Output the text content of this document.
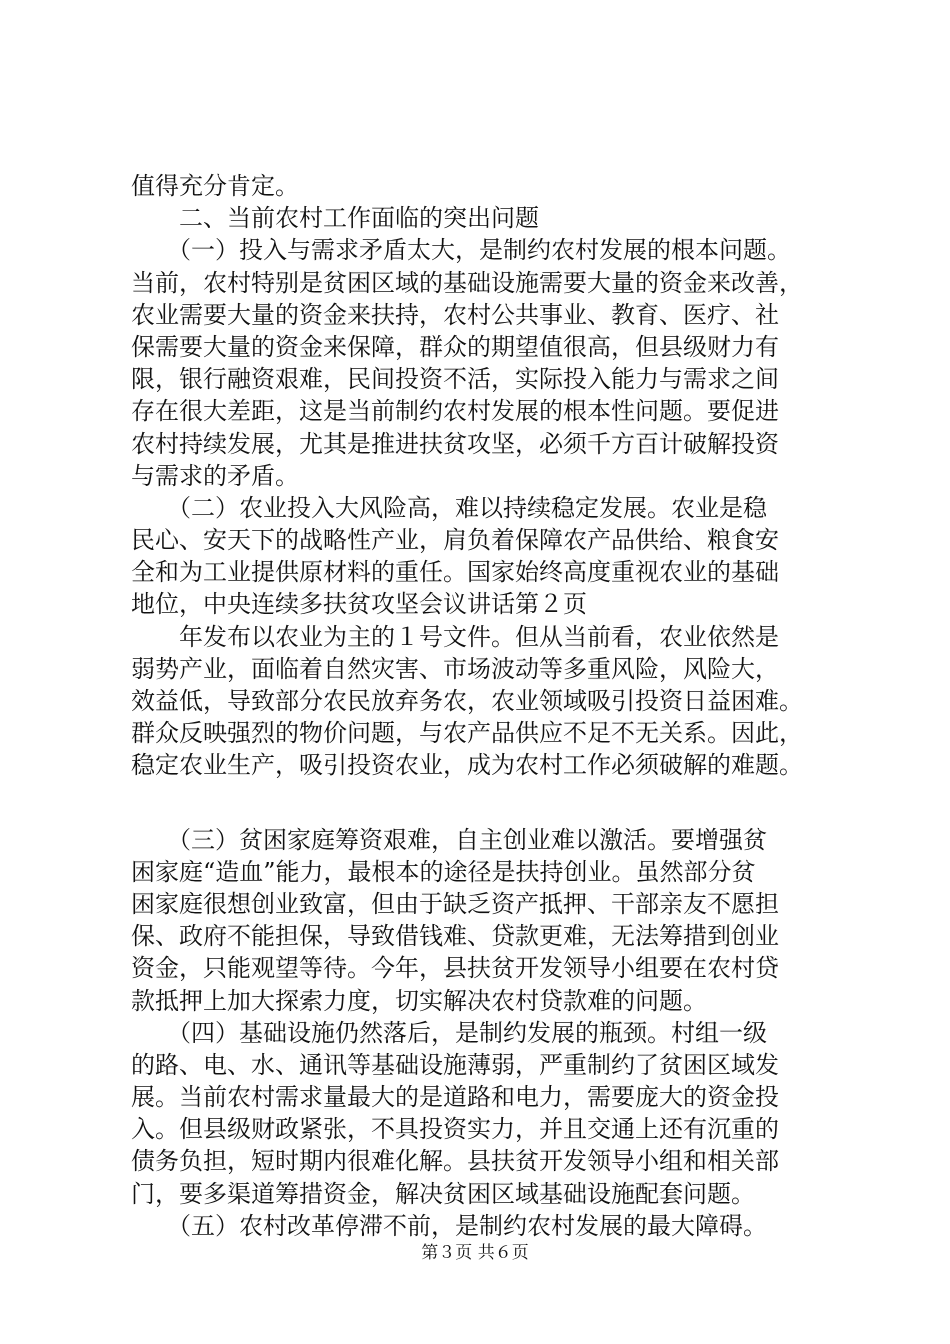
值得充分肯定。
　　二、当前农村工作面临的突出问题
　　（一）投入与需求矛盾太大，是制约农村发展的根本问题。
当前，农村特别是贫困区域的基础设施需要大量的资金来改善，
农业需要大量的资金来扶持，农村公共事业、教育、医疗、社
保需要大量的资金来保障，群众的期望值很高，但县级财力有
限，银行融资艰难，民间投资不活，实际投入能力与需求之间
存在很大差距，这是当前制约农村发展的根本性问题。要促进
农村持续发展，尤其是推进扶贫攻坚，必须千方百计破解投资
与需求的矛盾。
　　（二）农业投入大风险高，难以持续稳定发展。农业是稳
民心、安天下的战略性产业，肩负着保障农产品供给、粮食安
全和为工业提供原材料的重任。国家始终高度重视农业的基础
地位，中央连续多扶贫攻坚会议讲话第２页
　　年发布以农业为主的１号文件。但从当前看，农业依然是
弱势产业，面临着自然灾害、市场波动等多重风险，风险大，
效益低，导致部分农民放弃务农，农业领域吸引投资日益困难。
群众反映强烈的物价问题，与农产品供应不足不无关系。因此，
稳定农业生产，吸引投资农业，成为农村工作必须破解的难题。
　　（三）贫困家庭筹资艰难，自主创业难以激活。要增强贫
困家庭“造血”能力，最根本的途径是扶持创业。虽然部分贫
困家庭很想创业致富，但由于缺乏资产抵押、干部亲友不愿担
保、政府不能担保，导致借钱难、贷款更难，无法筹措到创业
资金，只能观望等待。今年，县扶贫开发领导小组要在农村贷
款抵押上加大探索力度，切实解决农村贷款难的问题。
　　（四）基础设施仍然落后，是制约发展的瓶颈。村组一级
的路、电、水、通讯等基础设施薄弱，严重制约了贫困区域发
展。当前农村需求量最大的是道路和电力，需要庞大的资金投
入。但县级财政紧张，不具投资实力，并且交通上还有沉重的
债务负担，短时期内很难化解。县扶贫开发领导小组和相关部
门，要多渠道筹措资金，解决贫困区域基础设施配套问题。
　　（五）农村改革停滞不前，是制约农村发展的最大障碍。
第３页 共６页
